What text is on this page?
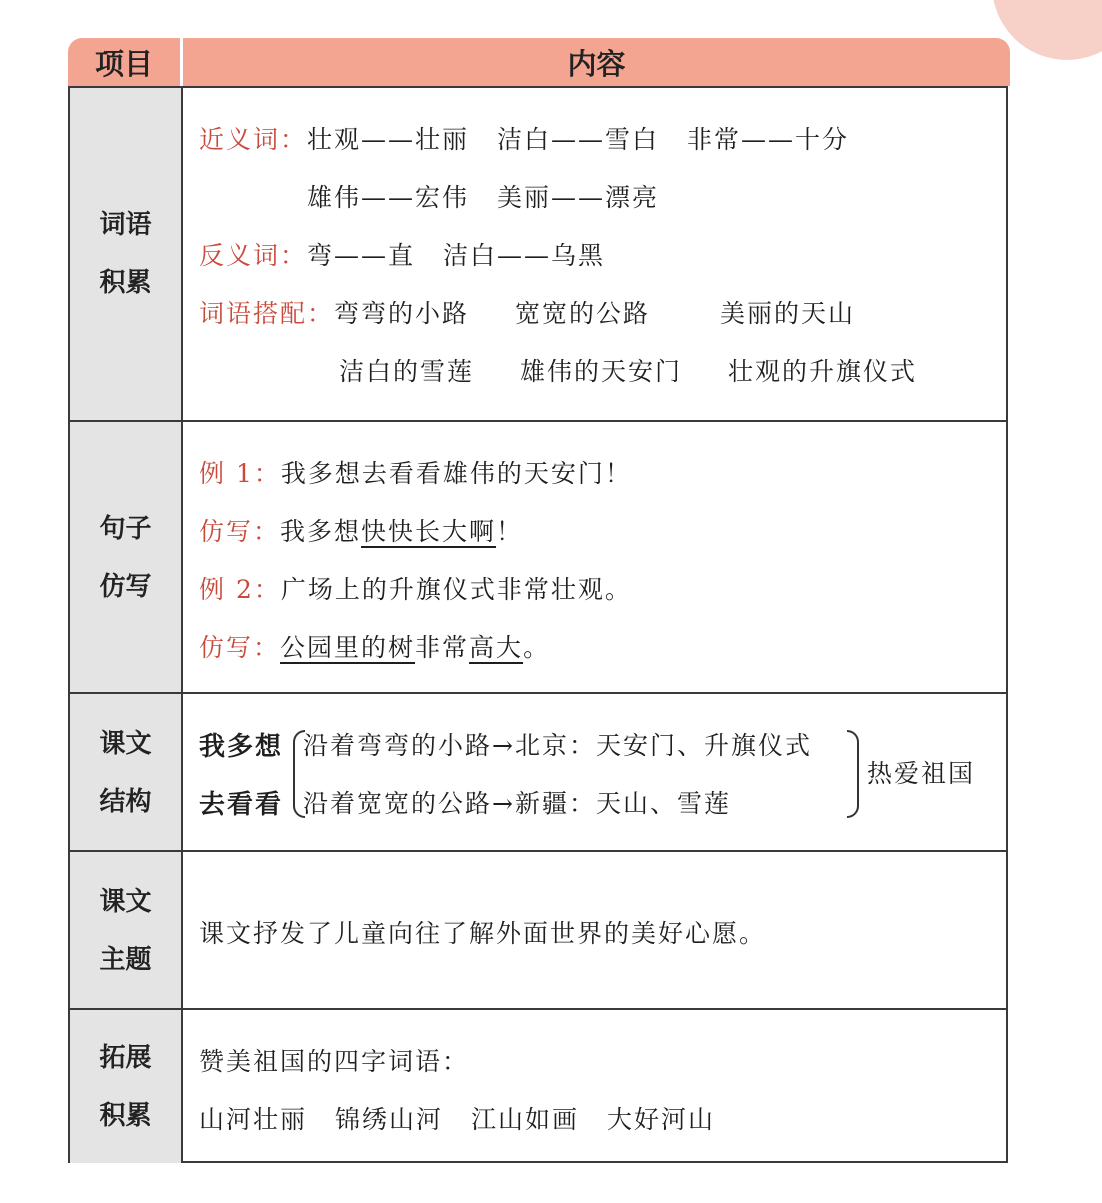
项目	内容
词语
积累
近义词：壮观——壮丽 洁白——雪白 非常——十分
雄伟——宏伟 美丽——漂亮
反义词：弯——直 洁白——乌黑
词语搭配：弯弯的小路 宽宽的公路	美丽的天山
洁白的雪莲 雄伟的天安门 壮观的升旗仪式
句子
仿写
例 1：我多想去看看雄伟的天安门！
仿写：我多想快快长大啊！
例 2：广场上的升旗仪式非常壮观。
仿写：公园里的树非常高大。
课文
结构
我多想
去看看
沿着弯弯的小路→北京：天安门、升旗仪式
沿着宽宽的公路→新疆：天山、雪莲
热爱祖国
课文
主题
课文抒发了儿童向往了解外面世界的美好心愿。
拓展
积累
赞美祖国的四字词语：
山河壮丽 锦绣山河 江山如画 大好河山
